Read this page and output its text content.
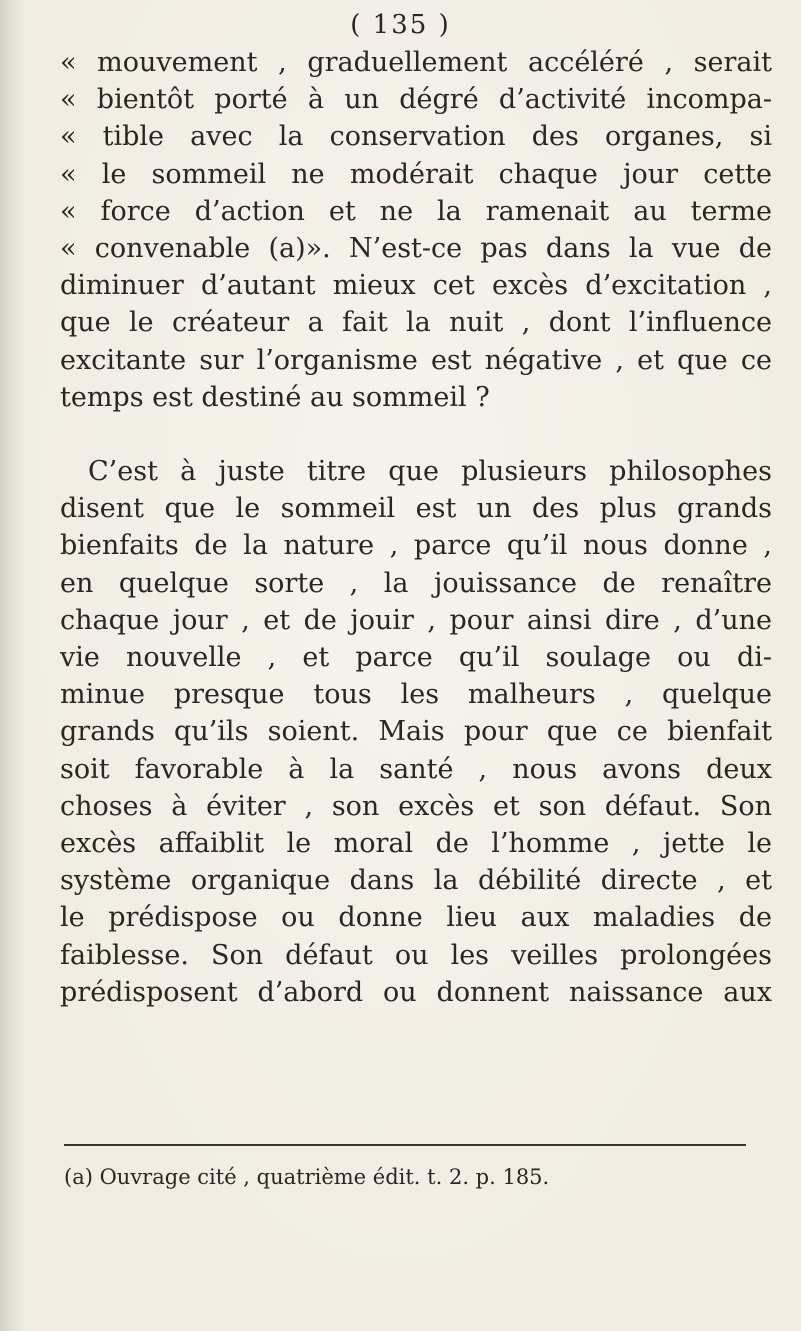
( 135 )
« mouvement , graduellement accéléré , serait
« bientôt porté à un dégré d’activité incompa-
« tible avec la conservation des organes, si
« le sommeil ne modérait chaque jour cette
« force d’action et ne la ramenait au terme
« convenable (a)». N’est-ce pas dans la vue de
diminuer d’autant mieux cet excès d’excitation ,
que le créateur a fait la nuit , dont l’influence
excitante sur l’organisme est négative , et que ce
temps est destiné au sommeil ?
C’est à juste titre que plusieurs philosophes
disent que le sommeil est un des plus grands
bienfaits de la nature , parce qu’il nous donne ,
en quelque sorte , la jouissance de renaître
chaque jour , et de jouir , pour ainsi dire , d’une
vie nouvelle , et parce qu’il soulage ou di-
minue presque tous les malheurs , quelque
grands qu’ils soient. Mais pour que ce bienfait
soit favorable à la santé , nous avons deux
choses à éviter , son excès et son défaut. Son
excès affaiblit le moral de l’homme , jette le
système organique dans la débilité directe , et
le prédispose ou donne lieu aux maladies de
faiblesse. Son défaut ou les veilles prolongées
prédisposent d’abord ou donnent naissance aux
(a) Ouvrage cité , quatrième édit. t. 2. p. 185.
